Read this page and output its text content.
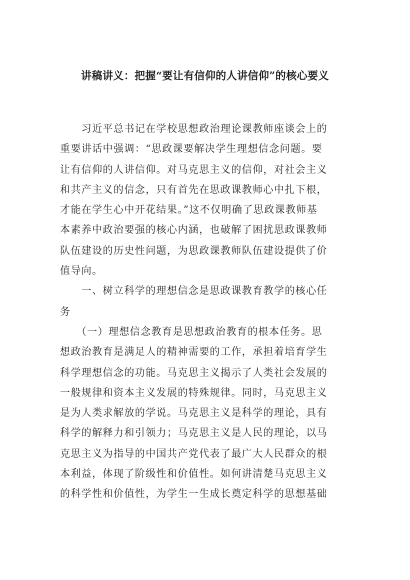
讲稿讲义：把握“要让有信仰的人讲信仰”的核心要义
　　习近平总书记在学校思想政治理论课教师座谈会上的
重要讲话中强调：“思政课要解决学生理想信念问题。要
让有信仰的人讲信仰。对马克思主义的信仰，对社会主义
和共产主义的信念，只有首先在思政课教师心中扎下根，
才能在学生心中开花结果。”这不仅明确了思政课教师基
本素养中政治要强的核心内涵，也破解了困扰思政课教师
队伍建设的历史性问题，为思政课教师队伍建设提供了价
值导向。
　　一、树立科学的理想信念是思政课教育教学的核心任
务
　　（一）理想信念教育是思想政治教育的根本任务。思
想政治教育是满足人的精神需要的工作，承担着培育学生
科学理想信念的功能。马克思主义揭示了人类社会发展的
一般规律和资本主义发展的特殊规律。同时，马克思主义
是为人类求解放的学说。马克思主义是科学的理论，具有
科学的解释力和引领力；马克思主义是人民的理论，以马
克思主义为指导的中国共产党代表了最广大人民群众的根
本利益，体现了阶级性和价值性。如何讲清楚马克思主义
的科学性和价值性，为学生一生成长奠定科学的思想基础
